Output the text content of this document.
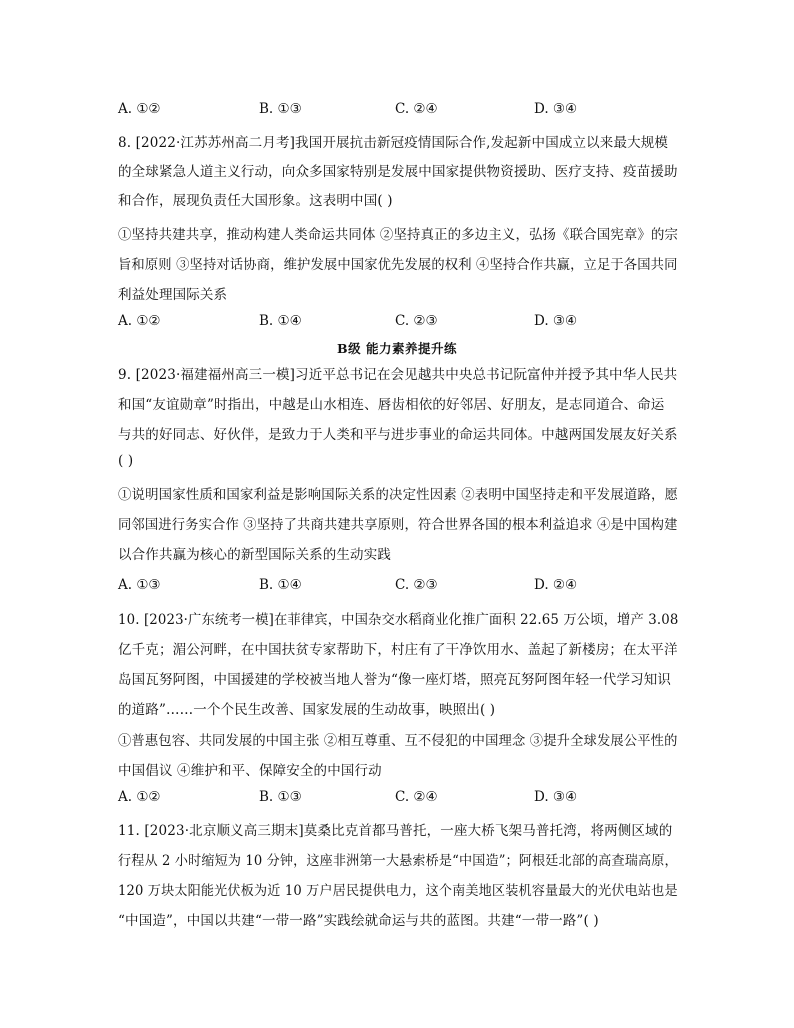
A. ①②	B. ①③	C. ②④	D. ③④
8. [2022·江苏苏州高二月考]我国开展抗击新冠疫情国际合作,发起新中国成立以来最大规模
的全球紧急人道主义行动，向众多国家特别是发展中国家提供物资援助、医疗支持、疫苗援助
和合作，展现负责任大国形象。这表明中国( )
①坚持共建共享，推动构建人类命运共同体 ②坚持真正的多边主义，弘扬《联合国宪章》的宗
旨和原则 ③坚持对话协商，维护发展中国家优先发展的权利 ④坚持合作共赢，立足于各国共同
利益处理国际关系
A. ①②	B. ①④	C. ②③	D. ③④
B级 能力素养提升练
9. [2023·福建福州高三一模]习近平总书记在会见越共中央总书记阮富仲并授予其中华人民共
和国“友谊勋章”时指出，中越是山水相连、唇齿相依的好邻居、好朋友，是志同道合、命运
与共的好同志、好伙伴，是致力于人类和平与进步事业的命运共同体。中越两国发展友好关系
( )
①说明国家性质和国家利益是影响国际关系的决定性因素 ②表明中国坚持走和平发展道路，愿
同邻国进行务实合作 ③坚持了共商共建共享原则，符合世界各国的根本利益追求 ④是中国构建
以合作共赢为核心的新型国际关系的生动实践
A. ①③	B. ①④	C. ②③	D. ②④
10. [2023·广东统考一模]在菲律宾，中国杂交水稻商业化推广面积 22.65 万公顷，增产 3.08
亿千克；湄公河畔，在中国扶贫专家帮助下，村庄有了干净饮用水、盖起了新楼房；在太平洋
岛国瓦努阿图，中国援建的学校被当地人誉为“像一座灯塔，照亮瓦努阿图年轻一代学习知识
的道路”……一个个民生改善、国家发展的生动故事，映照出( )
①普惠包容、共同发展的中国主张 ②相互尊重、互不侵犯的中国理念 ③提升全球发展公平性的
中国倡议 ④维护和平、保障安全的中国行动
A. ①②	B. ①③	C. ②④	D. ③④
11. [2023·北京顺义高三期末]莫桑比克首都马普托，一座大桥飞架马普托湾，将两侧区域的
行程从 2 小时缩短为 10 分钟，这座非洲第一大悬索桥是“中国造”；阿根廷北部的高查瑞高原，
120 万块太阳能光伏板为近 10 万户居民提供电力，这个南美地区装机容量最大的光伏电站也是
“中国造”，中国以共建“一带一路”实践绘就命运与共的蓝图。共建“一带一路”( )
